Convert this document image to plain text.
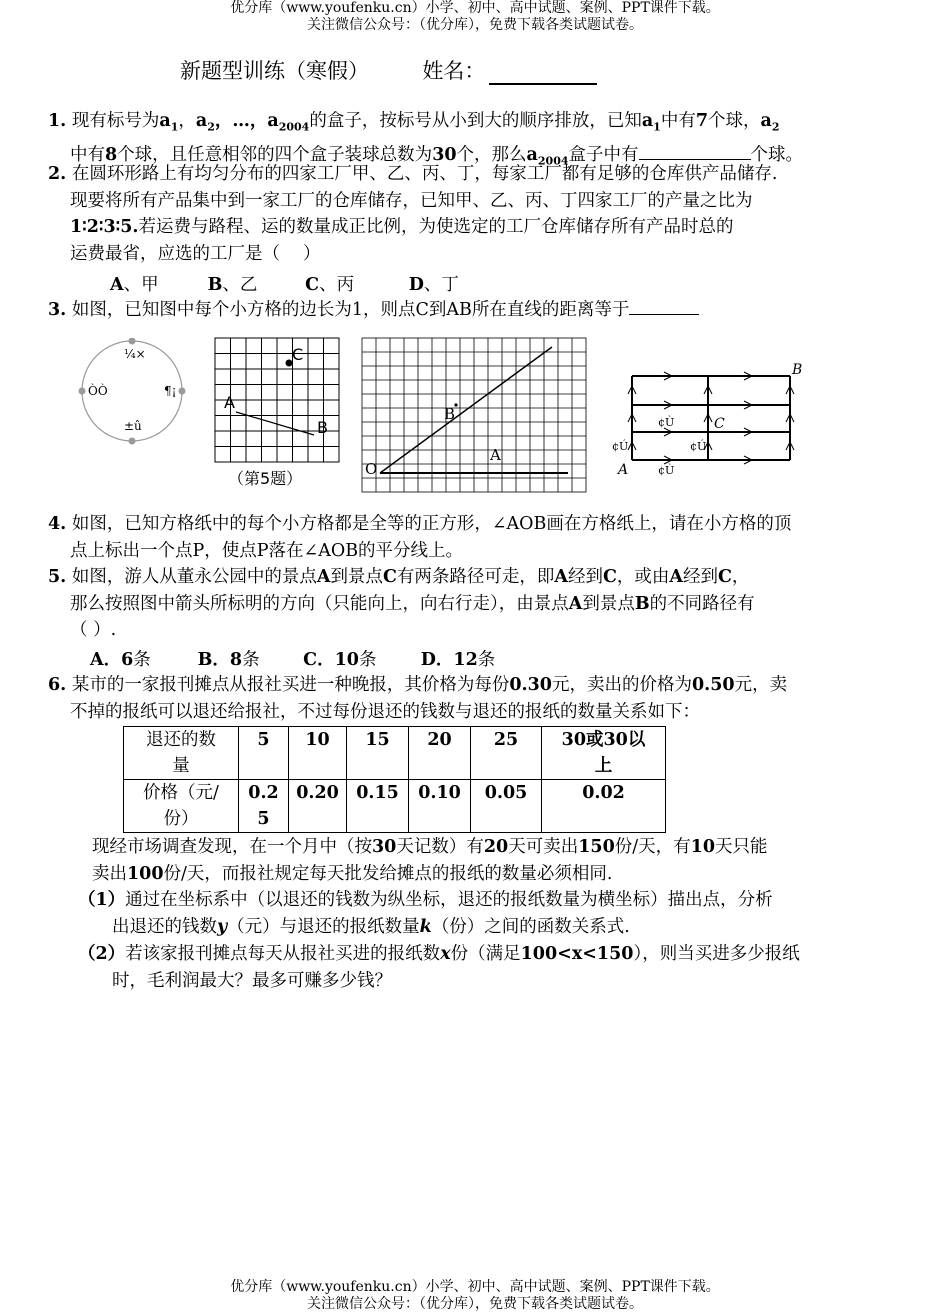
优分库（www.youfenku.cn）小学、初中、高中试题、案例、PPT课件下载。
关注微信公众号：（优分库），免费下载各类试题试卷。
新题型训练（寒假）	姓名：
1. 现有标号为$a_1$，$a_2$，…，$a_{2004}$的盒子，按标号从小到大的顺序排放，已知$a_1$中有7个球，$a_2$
中有8个球，且任意相邻的四个盒子装球总数为30个，那么$a_{2004}$盒子中有	个球。
2. 在圆环形路上有均匀分布的四家工厂甲、乙、丙、丁，每家工厂都有足够的仓库供产品储存.
现要将所有产品集中到一家工厂的仓库储存，已知甲、乙、丙、丁四家工厂的产量之比为
1∶2∶3∶5.若运费与路程、运的数量成正比例，为使选定的工厂仓库储存所有产品时总的
运费最省，应选的工厂是（　 ）
A、甲	B、乙	C、丙	D、丁
3. 如图，已知图中每个小方格的边长为1，则点C到AB所在直线的距离等于
¼×
ÒÒ	¶¡
±û
C
A
B
（第5题）
B
A
O
B
C
A
¢Ù
¢Ú	¢Ú
¢Ù
4. 如图，已知方格纸中的每个小方格都是全等的正方形，∠AOB画在方格纸上，请在小方格的顶
点上标出一个点P，使点P落在∠AOB的平分线上。
5. 如图，游人从董永公园中的景点A到景点C有两条路径可走，即A经到C，或由A经到C，
那么按照图中箭头所标明的方向（只能向上，向右行走），由景点A到景点B的不同路径有
（ ）.
A．6条	B．8条 C．10条	D．12条
6. 某市的一家报刊摊点从报社买进一种晚报，其价格为每份0.30元，卖出的价格为0.50元，卖
不掉的报纸可以退还给报社，不过每份退还的钱数与退还的报纸的数量关系如下：
退还的数
量	5	10	15	20	25	30或30以
上
价格（元/
份）	0.2
5	0.20	0.15	0.10	0.05	0.02
现经市场调查发现，在一个月中（按30天记数）有20天可卖出150份/天，有10天只能
卖出100份/天，而报社规定每天批发给摊点的报纸的数量必须相同.
（1）通过在坐标系中（以退还的钱数为纵坐标，退还的报纸数量为横坐标）描出点，分析
出退还的钱数y（元）与退还的报纸数量k（份）之间的函数关系式.
（2）若该家报刊摊点每天从报社买进的报纸数x份（满足100<x<150），则当买进多少报纸
时，毛利润最大？最多可赚多少钱？
优分库（www.youfenku.cn）小学、初中、高中试题、案例、PPT课件下载。
关注微信公众号：（优分库），免费下载各类试题试卷。
